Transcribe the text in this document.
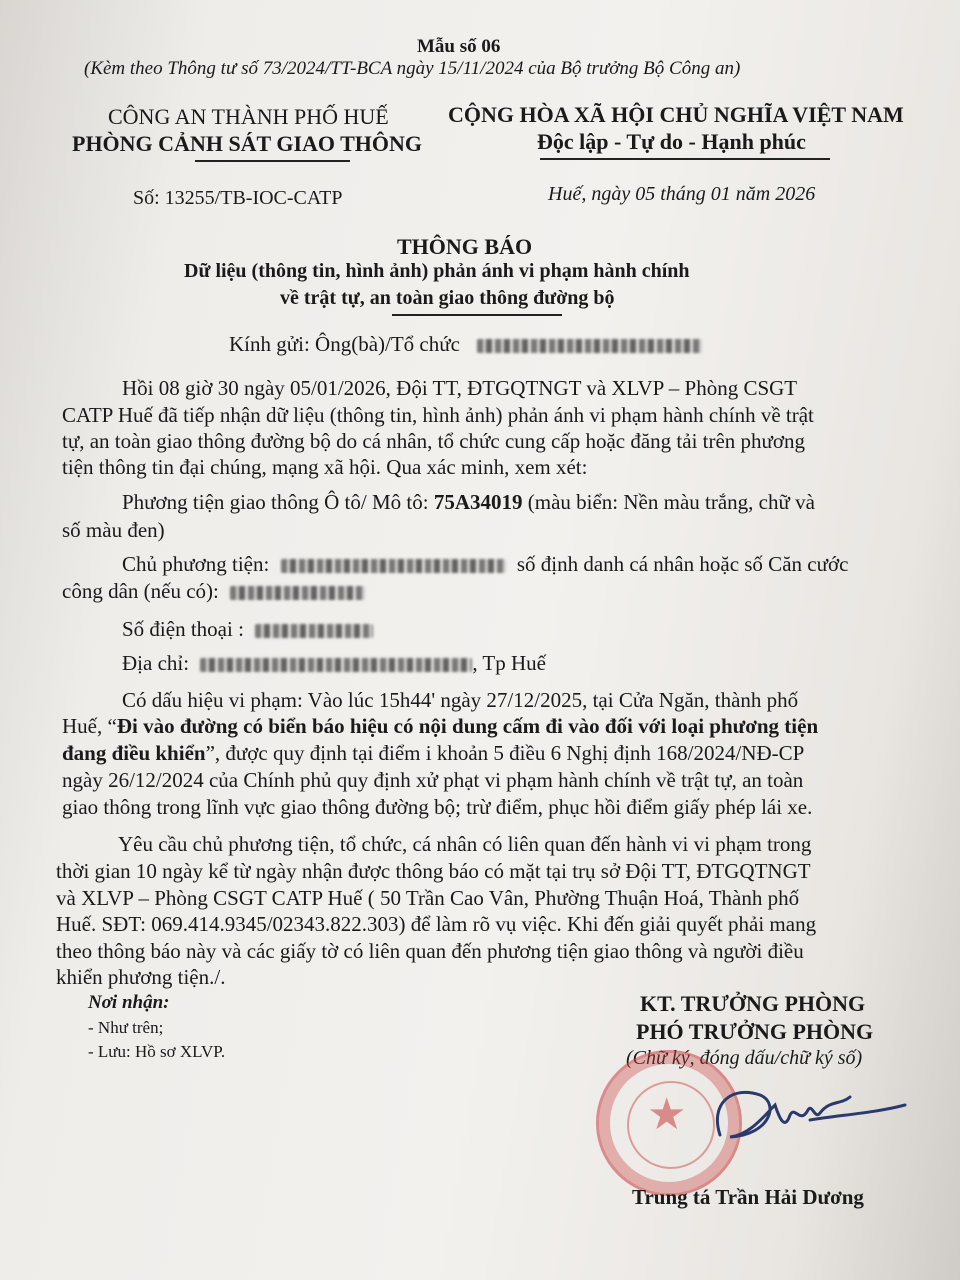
Mẫu số 06
(Kèm theo Thông tư số 73/2024/TT-BCA ngày 15/11/2024 của Bộ trưởng Bộ Công an)
CÔNG AN THÀNH PHỐ HUẾ
PHÒNG CẢNH SÁT GIAO THÔNG
CỘNG HÒA XÃ HỘI CHỦ NGHĨA VIỆT NAM
Độc lập - Tự do - Hạnh phúc
Số: 13255/TB-IOC-CATP	Huế, ngày 05 tháng 01 năm 2026
THÔNG BÁO
Dữ liệu (thông tin, hình ảnh) phản ánh vi phạm hành chính
về trật tự, an toàn giao thông đường bộ
Kính gửi: Ông(bà)/Tổ chức
Hồi 08 giờ 30 ngày 05/01/2026, Đội TT, ĐTGQTNGT và XLVP – Phòng CSGT
CATP Huế đã tiếp nhận dữ liệu (thông tin, hình ảnh) phản ánh vi phạm hành chính về trật
tự, an toàn giao thông đường bộ do cá nhân, tổ chức cung cấp hoặc đăng tải trên phương
tiện thông tin đại chúng, mạng xã hội. Qua xác minh, xem xét:
Phương tiện giao thông Ô tô/ Mô tô: 75A34019 (màu biển: Nền màu trắng, chữ và
số màu đen)
Chủ phương tiện:	số định danh cá nhân hoặc số Căn cước
công dân (nếu có):
Số điện thoại :
Địa chỉ:	, Tp Huế
Có dấu hiệu vi phạm: Vào lúc 15h44' ngày 27/12/2025, tại Cửa Ngăn, thành phố
Huế, “Đi vào đường có biển báo hiệu có nội dung cấm đi vào đối với loại phương tiện
đang điều khiển”, được quy định tại điểm i khoản 5 điều 6 Nghị định 168/2024/NĐ-CP
ngày 26/12/2024 của Chính phủ quy định xử phạt vi phạm hành chính về trật tự, an toàn
giao thông trong lĩnh vực giao thông đường bộ; trừ điểm, phục hồi điểm giấy phép lái xe.
Yêu cầu chủ phương tiện, tổ chức, cá nhân có liên quan đến hành vi vi phạm trong
thời gian 10 ngày kể từ ngày nhận được thông báo có mặt tại trụ sở Đội TT, ĐTGQTNGT
và XLVP – Phòng CSGT CATP Huế ( 50 Trần Cao Vân, Phường Thuận Hoá, Thành phố
Huế. SĐT: 069.414.9345/02343.822.303) để làm rõ vụ việc. Khi đến giải quyết phải mang
theo thông báo này và các giấy tờ có liên quan đến phương tiện giao thông và người điều
khiển phương tiện./.
Nơi nhận:
- Như trên;
- Lưu: Hồ sơ XLVP.
KT. TRƯỞNG PHÒNG
PHÓ TRƯỞNG PHÒNG
(Chữ ký, đóng dấu/chữ ký số)
★
Trung tá Trần Hải Dương
